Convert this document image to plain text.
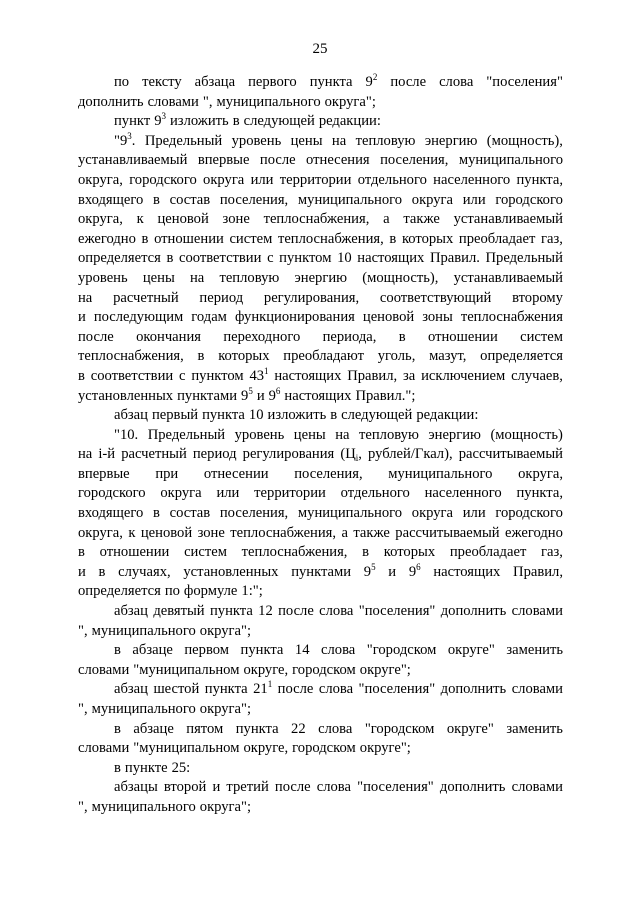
25
по тексту абзаца первого пункта $9^2$ после слова "поселения"
дополнить словами ", муниципального округа";
пункт $9^3$ изложить в следующей редакции:
"$9^3$. Предельный уровень цены на тепловую энергию (мощность),
устанавливаемый впервые после отнесения поселения, муниципального
округа, городского округа или территории отдельного населенного пункта,
входящего в состав поселения, муниципального округа или городского
округа, к ценовой зоне теплоснабжения, а также устанавливаемый
ежегодно в отношении систем теплоснабжения, в которых преобладает газ,
определяется в соответствии с пунктом 10 настоящих Правил. Предельный
уровень цены на тепловую энергию (мощность), устанавливаемый
на расчетный период регулирования, соответствующий второму
и последующим годам функционирования ценовой зоны теплоснабжения
после окончания переходного периода, в отношении систем
теплоснабжения, в которых преобладают уголь, мазут, определяется
в соответствии с пунктом $43^1$ настоящих Правил, за исключением случаев,
установленных пунктами $9^5$ и $9^6$ настоящих Правил.";
абзац первый пункта 10 изложить в следующей редакции:
"10. Предельный уровень цены на тепловую энергию (мощность)
на i-й расчетный период регулирования ($Ц_i$, рублей/Гкал), рассчитываемый
впервые при отнесении поселения, муниципального округа,
городского округа или территории отдельного населенного пункта,
входящего в состав поселения, муниципального округа или городского
округа, к ценовой зоне теплоснабжения, а также рассчитываемый ежегодно
в отношении систем теплоснабжения, в которых преобладает газ,
и в случаях, установленных пунктами $9^5$ и $9^6$ настоящих Правил,
определяется по формуле 1:";
абзац девятый пункта 12 после слова "поселения" дополнить словами
", муниципального округа";
в абзаце первом пункта 14 слова "городском округе" заменить
словами "муниципальном округе, городском округе";
абзац шестой пункта $21^1$ после слова "поселения" дополнить словами
", муниципального округа";
в абзаце пятом пункта 22 слова "городском округе" заменить
словами "муниципальном округе, городском округе";
в пункте 25:
абзацы второй и третий после слова "поселения" дополнить словами
", муниципального округа";
